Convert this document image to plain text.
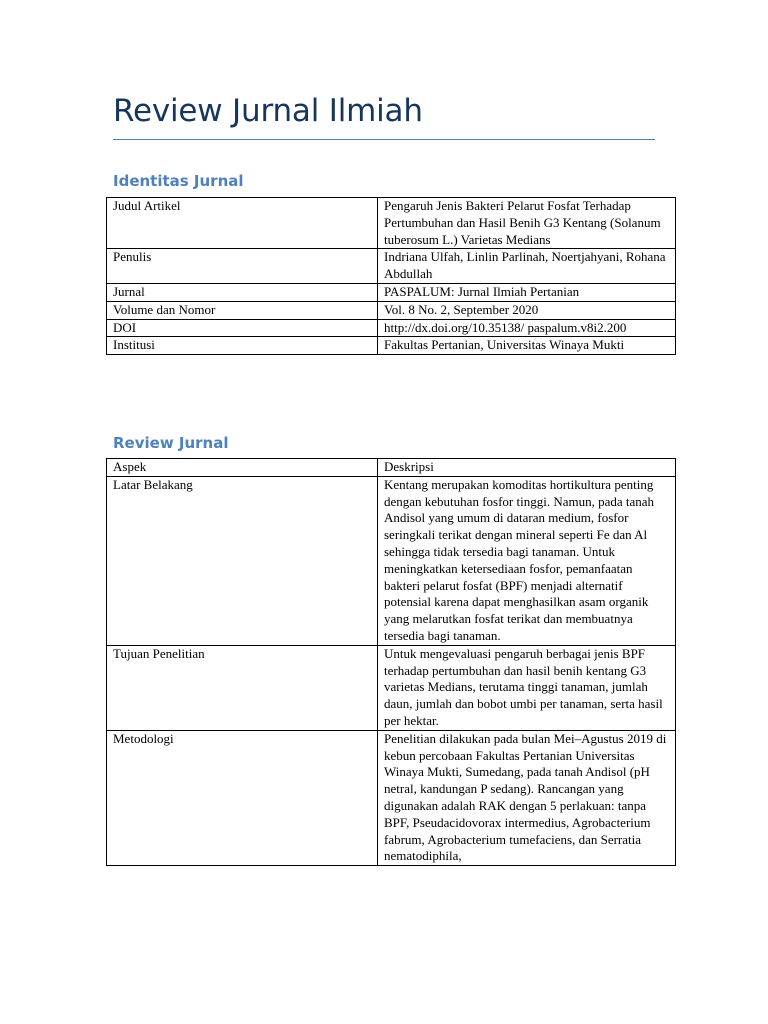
Review Jurnal Ilmiah
Identitas Jurnal
Judul Artikel	Pengaruh Jenis Bakteri Pelarut Fosfat Terhadap Pertumbuhan dan Hasil Benih G3 Kentang (Solanum tuberosum L.) Varietas Medians
Penulis	Indriana Ulfah, Linlin Parlinah, Noertjahyani, Rohana Abdullah
Jurnal	PASPALUM: Jurnal Ilmiah Pertanian
Volume dan Nomor	Vol. 8 No. 2, September 2020
DOI	http://dx.doi.org/10.35138/ paspalum.v8i2.200
Institusi	Fakultas Pertanian, Universitas Winaya Mukti
Review Jurnal
Aspek	Deskripsi
Latar Belakang	Kentang merupakan komoditas hortikultura penting dengan kebutuhan fosfor tinggi. Namun, pada tanah Andisol yang umum di dataran medium, fosfor seringkali terikat dengan mineral seperti Fe dan Al sehingga tidak tersedia bagi tanaman. Untuk meningkatkan ketersediaan fosfor, pemanfaatan bakteri pelarut fosfat (BPF) menjadi alternatif potensial karena dapat menghasilkan asam organik yang melarutkan fosfat terikat dan membuatnya tersedia bagi tanaman.
Tujuan Penelitian	Untuk mengevaluasi pengaruh berbagai jenis BPF terhadap pertumbuhan dan hasil benih kentang G3 varietas Medians, terutama tinggi tanaman, jumlah daun, jumlah dan bobot umbi per tanaman, serta hasil per hektar.
Metodologi	Penelitian dilakukan pada bulan Mei–Agustus 2019 di kebun percobaan Fakultas Pertanian Universitas Winaya Mukti, Sumedang, pada tanah Andisol (pH netral, kandungan P sedang). Rancangan yang digunakan adalah RAK dengan 5 perlakuan: tanpa BPF, Pseudacidovorax intermedius, Agrobacterium fabrum, Agrobacterium tumefaciens, dan Serratia nematodiphila,
